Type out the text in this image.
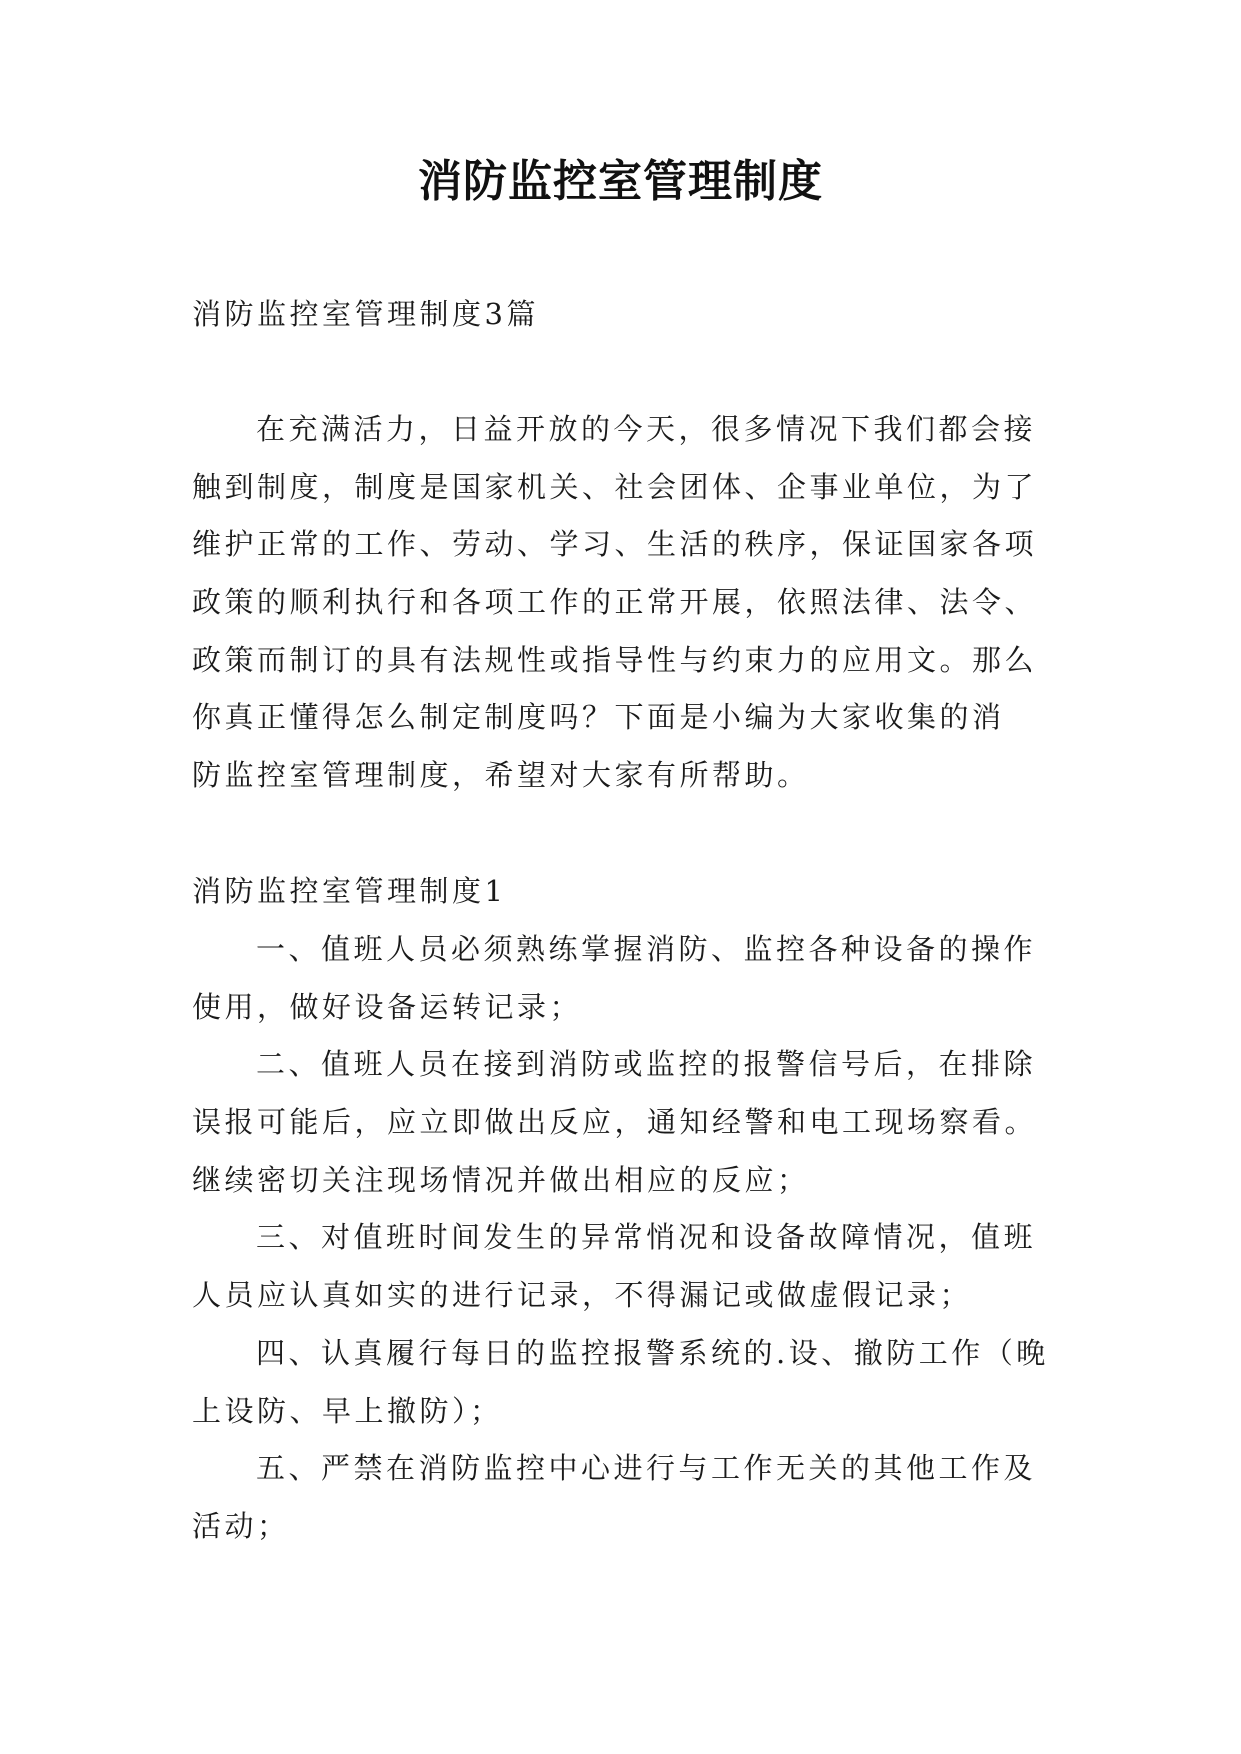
消防监控室管理制度
消防监控室管理制度3篇
在充满活力，日益开放的今天，很多情况下我们都会接
触到制度，制度是国家机关、社会团体、企事业单位，为了
维护正常的工作、劳动、学习、生活的秩序，保证国家各项
政策的顺利执行和各项工作的正常开展，依照法律、法令、
政策而制订的具有法规性或指导性与约束力的应用文。那么
你真正懂得怎么制定制度吗？下面是小编为大家收集的消
防监控室管理制度，希望对大家有所帮助。
消防监控室管理制度1
一、值班人员必须熟练掌握消防、监控各种设备的操作
使用，做好设备运转记录；
二、值班人员在接到消防或监控的报警信号后，在排除
误报可能后，应立即做出反应，通知经警和电工现场察看。
继续密切关注现场情况并做出相应的反应；
三、对值班时间发生的异常悄况和设备故障情况，值班
人员应认真如实的进行记录，不得漏记或做虚假记录；
四、认真履行每日的监控报警系统的.设、撤防工作（晚
上设防、早上撤防）；
五、严禁在消防监控中心进行与工作无关的其他工作及
活动；
